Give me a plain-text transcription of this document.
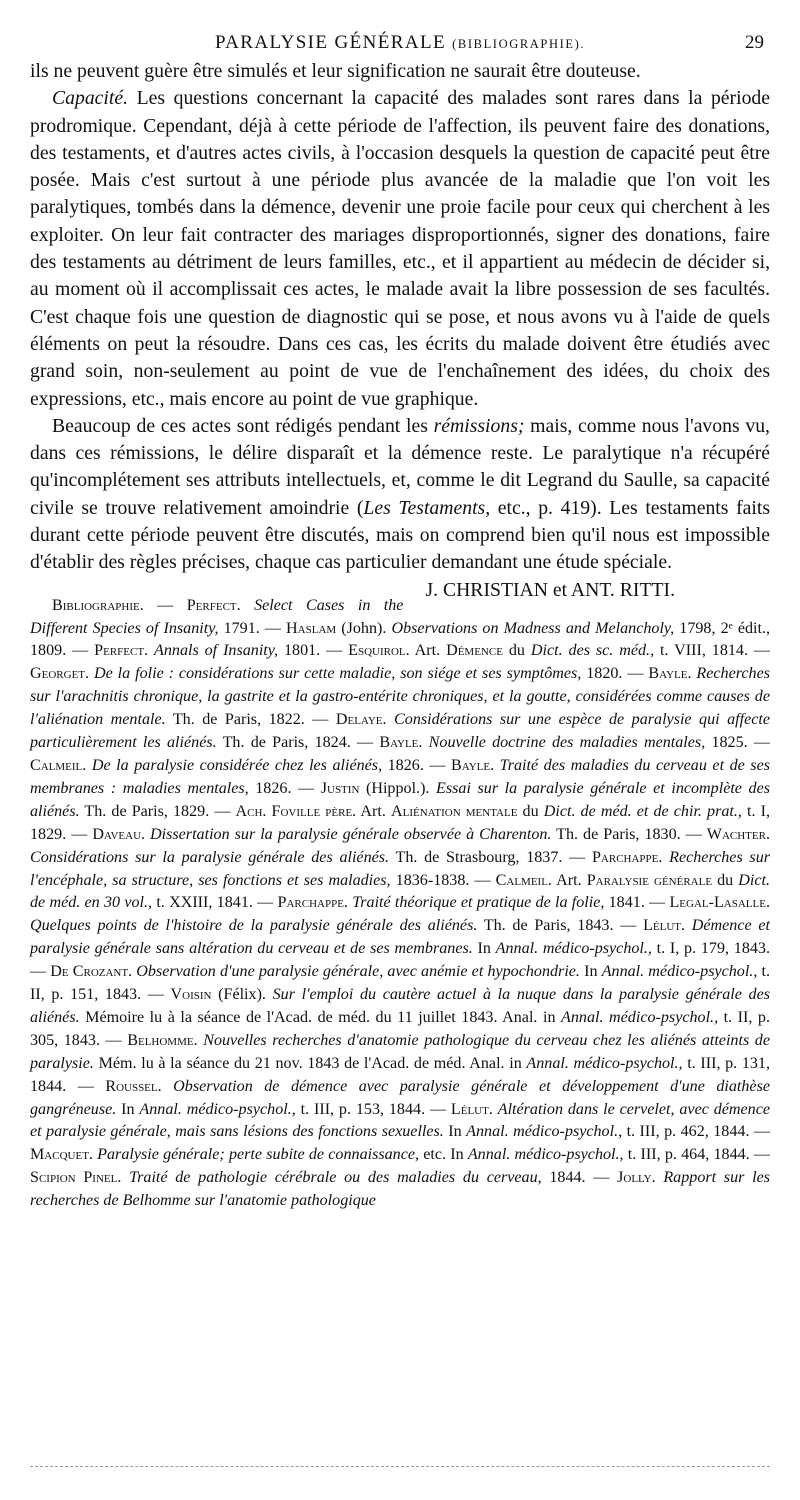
PARALYSIE GÉNÉRALE (BIBLIOGRAPHIE).	29

ils ne peuvent guère être simulés et leur signification ne saurait être douteuse.

Capacité. Les questions concernant la capacité des malades sont rares dans la période prodromique. Cependant, déjà à cette période de l'affection, ils peuvent faire des donations, des testaments, et d'autres actes civils, à l'occasion desquels la question de capacité peut être posée. Mais c'est surtout à une période plus avancée de la maladie que l'on voit les paralytiques, tombés dans la démence, devenir une proie facile pour ceux qui cherchent à les exploiter. On leur fait contracter des mariages disproportionnés, signer des donations, faire des testaments au détriment de leurs familles, etc., et il appartient au médecin de décider si, au moment où il accomplissait ces actes, le malade avait la libre possession de ses facultés. C'est chaque fois une question de diagnostic qui se pose, et nous avons vu à l'aide de quels éléments on peut la résoudre. Dans ces cas, les écrits du malade doivent être étudiés avec grand soin, non-seulement au point de vue de l'enchaînement des idées, du choix des expressions, etc., mais encore au point de vue graphique.

Beaucoup de ces actes sont rédigés pendant les rémissions; mais, comme nous l'avons vu, dans ces rémissions, le délire disparaît et la démence reste. Le paralytique n'a récupéré qu'incomplétement ses attributs intellectuels, et, comme le dit Legrand du Saulle, sa capacité civile se trouve relativement amoindrie (Les Testaments, etc., p. 419). Les testaments faits durant cette période peuvent être discutés, mais on comprend bien qu'il nous est impossible d'établir des règles précises, chaque cas particulier demandant une étude spéciale.
J. CHRISTIAN et ANT. RITTI.

Bibliographie. — Perfect. Select Cases in the Different Species of Insanity, 1791. — Haslam (John). Observations on Madness and Melancholy, 1798, 2ᵉ édit., 1809. — Perfect. Annals of Insanity, 1801. — Esquirol. Art. Démence du Dict. des sc. méd., t. VIII, 1814. — Georget. De la folie : considérations sur cette maladie, son siége et ses symptômes, 1820. — Bayle. Recherches sur l'arachnitis chronique, la gastrite et la gastro-entérite chroniques, et la goutte, considérées comme causes de l'aliénation mentale. Th. de Paris, 1822. — Delaye. Considérations sur une espèce de paralysie qui affecte particulièrement les aliénés. Th. de Paris, 1824. — Bayle. Nouvelle doctrine des maladies mentales, 1825. — Calmeil. De la paralysie considérée chez les aliénés, 1826. — Bayle. Traité des maladies du cerveau et de ses membranes : maladies mentales, 1826. — Justin (Hippol.). Essai sur la paralysie générale et incomplète des aliénés. Th. de Paris, 1829. — Ach. Foville père. Art. Aliénation mentale du Dict. de méd. et de chir. prat., t. I, 1829. — Daveau. Dissertation sur la paralysie générale observée à Charenton. Th. de Paris, 1830. — Wachter. Considérations sur la paralysie générale des aliénés. Th. de Strasbourg, 1837. — Parchappe. Recherches sur l'encéphale, sa structure, ses fonctions et ses maladies, 1836-1838. — Calmeil. Art. Paralysie générale du Dict. de méd. en 30 vol., t. XXIII, 1841. — Parchappe. Traité théorique et pratique de la folie, 1841. — Legal-Lasalle. Quelques points de l'histoire de la paralysie générale des aliénés. Th. de Paris, 1843. — Lélut. Démence et paralysie générale sans altération du cerveau et de ses membranes. In Annal. médico-psychol., t. I, p. 179, 1843. — De Crozant. Observation d'une paralysie générale, avec anémie et hypochondrie. In Annal. médico-psychol., t. II, p. 151, 1843. — Voisin (Félix). Sur l'emploi du cautère actuel à la nuque dans la paralysie générale des aliénés. Mémoire lu à la séance de l'Acad. de méd. du 11 juillet 1843. Anal. in Annal. médico-psychol., t. II, p. 305, 1843. — Belhomme. Nouvelles recherches d'anatomie pathologique du cerveau chez les aliénés atteints de paralysie. Mém. lu à la séance du 21 nov. 1843 de l'Acad. de méd. Anal. in Annal. médico-psychol., t. III, p. 131, 1844. — Roussel. Observation de démence avec paralysie générale et développement d'une diathèse gangréneuse. In Annal. médico-psychol., t. III, p. 153, 1844. — Lélut. Altération dans le cervelet, avec démence et paralysie générale, mais sans lésions des fonctions sexuelles. In Annal. médico-psychol., t. III, p. 462, 1844. — Macquet. Paralysie générale; perte subite de connaissance, etc. In Annal. médico-psychol., t. III, p. 464, 1844. — Scipion Pinel. Traité de pathologie cérébrale ou des maladies du cerveau, 1844. — Jolly. Rapport sur les recherches de Belhomme sur l'anatomie pathologique
